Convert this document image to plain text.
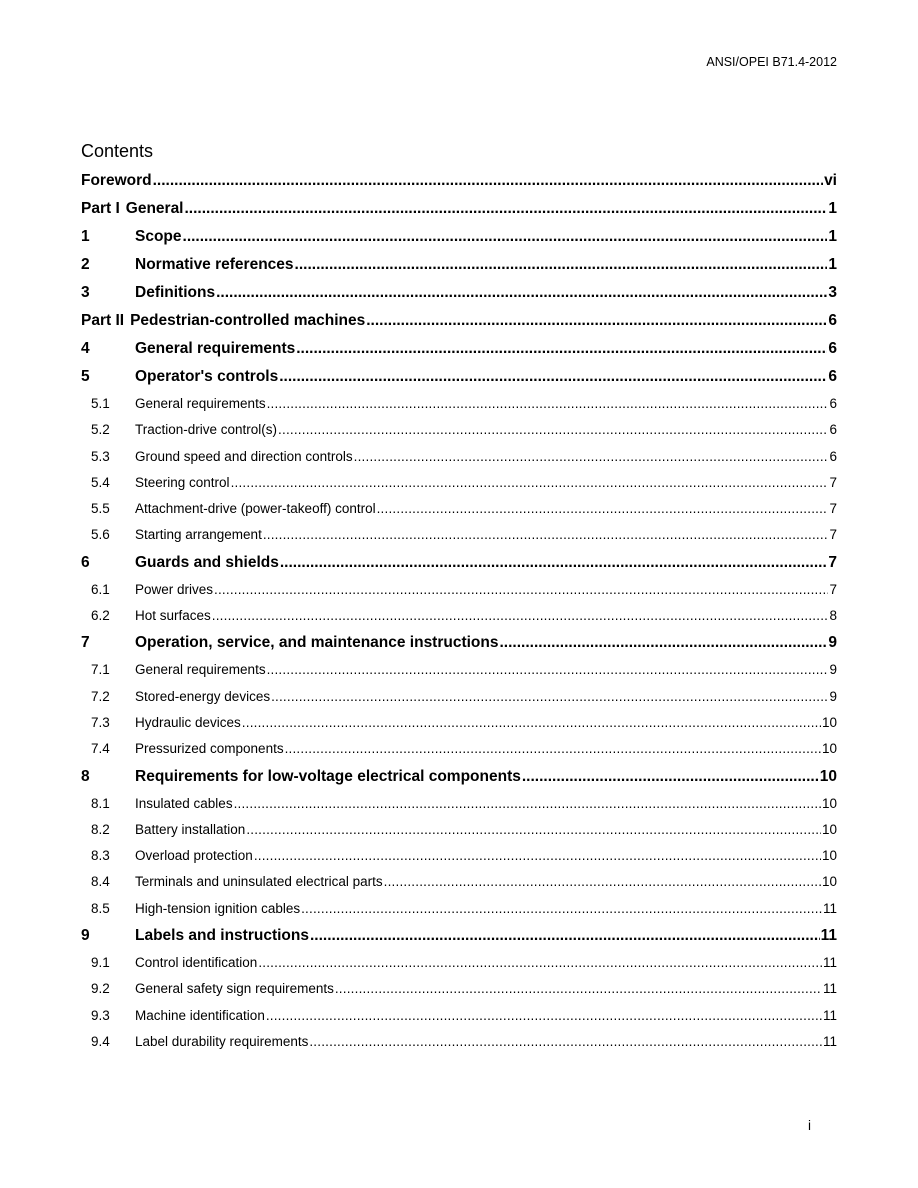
ANSI/OPEI B71.4-2012
Contents
Foreword .....	vi
Part I General .....	1
1	Scope .....	1
2	Normative references .....	1
3	Definitions .....	3
Part II Pedestrian-controlled machines .....	6
4	General requirements .....	6
5	Operator's controls .....	6
5.1	General requirements .....	6
5.2	Traction-drive control(s) .....	6
5.3	Ground speed and direction controls .....	6
5.4	Steering control .....	7
5.5	Attachment-drive (power-takeoff) control .....	7
5.6	Starting arrangement .....	7
6	Guards and shields .....	7
6.1	Power drives .....	7
6.2	Hot surfaces .....	8
7	Operation, service, and maintenance instructions .....	9
7.1	General requirements .....	9
7.2	Stored-energy devices .....	9
7.3	Hydraulic devices .....	10
7.4	Pressurized components .....	10
8	Requirements for low-voltage electrical components .....	10
8.1	Insulated cables .....	10
8.2	Battery installation .....	10
8.3	Overload protection .....	10
8.4	Terminals and uninsulated electrical parts .....	10
8.5	High-tension ignition cables .....	11
9	Labels and instructions .....	11
9.1	Control identification .....	11
9.2	General safety sign requirements .....	11
9.3	Machine identification .....	11
9.4	Label durability requirements .....	11
i
